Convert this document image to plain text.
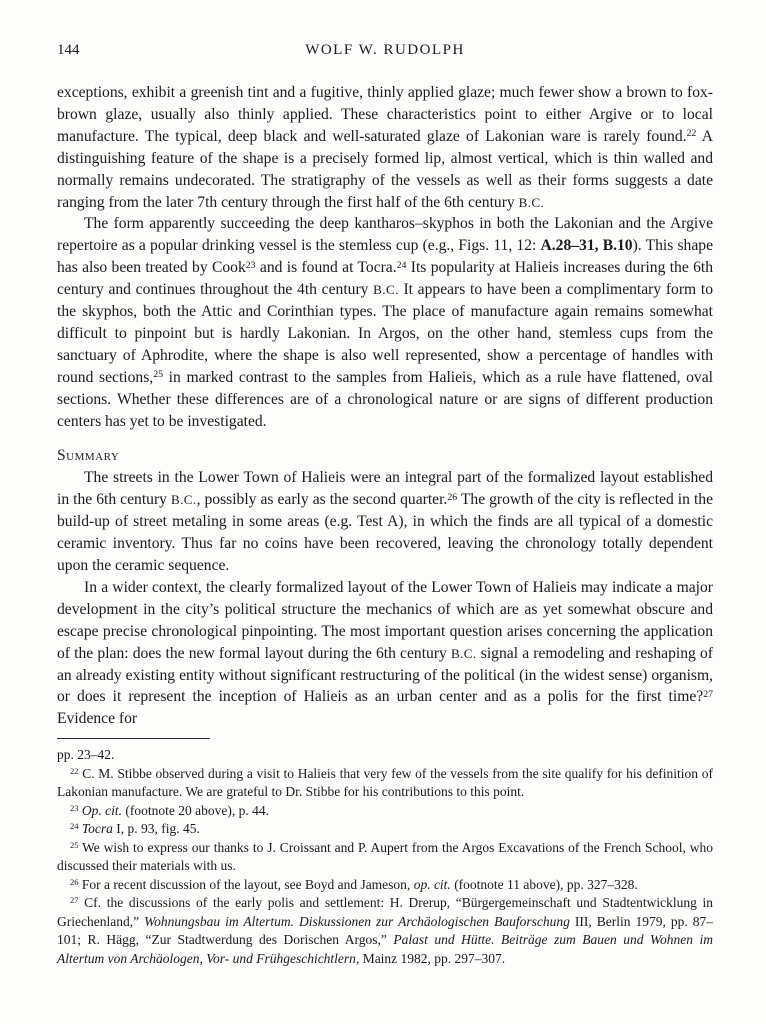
144	WOLF W. RUDOLPH

exceptions, exhibit a greenish tint and a fugitive, thinly applied glaze; much fewer show a brown to fox-brown glaze, usually also thinly applied. These characteristics point to either Argive or to local manufacture. The typical, deep black and well-saturated glaze of Lakonian ware is rarely found.$^{22}$ A distinguishing feature of the shape is a precisely formed lip, almost vertical, which is thin walled and normally remains undecorated. The stratigraphy of the vessels as well as their forms suggests a date ranging from the later 7th century through the first half of the 6th century B.C.

The form apparently succeeding the deep kantharos–skyphos in both the Lakonian and the Argive repertoire as a popular drinking vessel is the stemless cup (e.g., Figs. 11, 12: A.28–31, B.10). This shape has also been treated by Cook$^{23}$ and is found at Tocra.$^{24}$ Its popularity at Halieis increases during the 6th century and continues throughout the 4th century B.C. It appears to have been a complimentary form to the skyphos, both the Attic and Corinthian types. The place of manufacture again remains somewhat difficult to pinpoint but is hardly Lakonian. In Argos, on the other hand, stemless cups from the sanctuary of Aphrodite, where the shape is also well represented, show a percentage of handles with round sections,$^{25}$ in marked contrast to the samples from Halieis, which as a rule have flattened, oval sections. Whether these differences are of a chronological nature or are signs of different production centers has yet to be investigated.

Summary

The streets in the Lower Town of Halieis were an integral part of the formalized layout established in the 6th century B.C., possibly as early as the second quarter.$^{26}$ The growth of the city is reflected in the build-up of street metaling in some areas (e.g. Test A), in which the finds are all typical of a domestic ceramic inventory. Thus far no coins have been recovered, leaving the chronology totally dependent upon the ceramic sequence.

In a wider context, the clearly formalized layout of the Lower Town of Halieis may indicate a major development in the city’s political structure the mechanics of which are as yet somewhat obscure and escape precise chronological pinpointing. The most important question arises concerning the application of the plan: does the new formal layout during the 6th century B.C. signal a remodeling and reshaping of an already existing entity without significant restructuring of the political (in the widest sense) organism, or does it represent the inception of Halieis as an urban center and as a polis for the first time?$^{27}$ Evidence for

pp. 23–42.

$^{22}$ C. M. Stibbe observed during a visit to Halieis that very few of the vessels from the site qualify for his definition of Lakonian manufacture. We are grateful to Dr. Stibbe for his contributions to this point.

$^{23}$ Op. cit. (footnote 20 above), p. 44.

$^{24}$ Tocra I, p. 93, fig. 45.

$^{25}$ We wish to express our thanks to J. Croissant and P. Aupert from the Argos Excavations of the French School, who discussed their materials with us.

$^{26}$ For a recent discussion of the layout, see Boyd and Jameson, op. cit. (footnote 11 above), pp. 327–328.

$^{27}$ Cf. the discussions of the early polis and settlement: H. Drerup, “Bürgergemeinschaft und Stadtentwicklung in Griechenland,” Wohnungsbau im Altertum. Diskussionen zur Archäologischen Bauforschung III, Berlin 1979, pp. 87–101; R. Hägg, “Zur Stadtwerdung des Dorischen Argos,” Palast und Hütte. Beiträge zum Bauen und Wohnen im Altertum von Archäologen, Vor- und Frühgeschichtlern, Mainz 1982, pp. 297–307.
